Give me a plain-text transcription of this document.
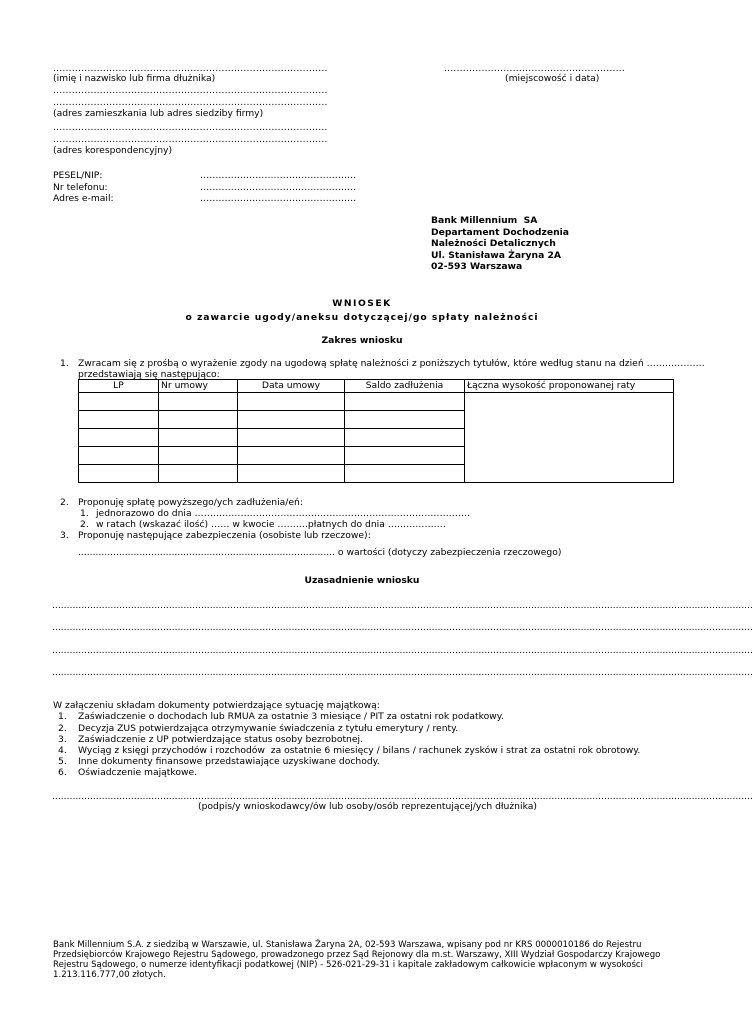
........................................................................................
(imię i nazwisko lub firma dłużnika)
..........................................................
(miejscowość i data)
........................................................................................
........................................................................................
(adres zamieszkania lub adres siedziby firmy)
........................................................................................
........................................................................................
(adres korespondencyjny)
PESEL/NIP:	……………………………………………
Nr telefonu:	……………………………………………
Adres e-mail:	……………………………………………
Bank Millennium  SA
Departament Dochodzenia
Należności Detalicznych
Ul. Stanisława Żaryna 2A
02-593 Warszawa
WNIOSEK
o zawarcie ugody/aneksu dotyczącej/go spłaty należności
Zakres wniosku
1. Zwracam się z prośbą o wyrażenie zgody na ugodową spłatę należności z poniższych tytułów, które według stanu na dzień ……………….
przedstawiają się następująco:
LP	Nr umowy	Data umowy	Saldo zadłużenia	Łączna wysokość proponowanej raty

2. Proponuję spłatę powyższego/ych zadłużenia/eń:
1. jednorazowo do dnia ………………………………………………………………………………
2. w ratach (wskazać ilość) …… w kwocie ……….płatnych do dnia ……………….
3. Proponuję następujące zabezpieczenia (osobiste lub rzeczowe):
........................................................................................ o wartości (dotyczy zabezpieczenia rzeczowego)
Uzasadnienie wniosku
................................................................................................................................................................................................................................................
................................................................................................................................................................................................................................................
................................................................................................................................................................................................................................................
................................................................................................................................................................................................................................................
W załączeniu składam dokumenty potwierdzające sytuację majątkową:
1. Zaświadczenie o dochodach lub RMUA za ostatnie 3 miesiące / PIT za ostatni rok podatkowy.
2. Decyzja ZUS potwierdzająca otrzymywanie świadczenia z tytułu emerytury / renty.
3. Zaświadczenie z UP potwierdzające status osoby bezrobotnej.
4. Wyciąg z księgi przychodów i rozchodów  za ostatnie 6 miesięcy / bilans / rachunek zysków i strat za ostatni rok obrotowy.
5. Inne dokumenty finansowe przedstawiające uzyskiwane dochody.
6. Oświadczenie majątkowe.
................................................................................................................................................................................................................................................
(podpis/y wnioskodawcy/ów lub osoby/osób reprezentującej/ych dłużnika)
Bank Millennium S.A. z siedzibą w Warszawie, ul. Stanisława Żaryna 2A, 02-593 Warszawa, wpisany pod nr KRS 0000010186 do Rejestru
Przedsiębiorców Krajowego Rejestru Sądowego, prowadzonego przez Sąd Rejonowy dla m.st. Warszawy, XIII Wydział Gospodarczy Krajowego
Rejestru Sądowego, o numerze identyfikacji podatkowej (NIP) - 526-021-29-31 i kapitale zakładowym całkowicie wpłaconym w wysokości
1.213.116.777,00 złotych.
